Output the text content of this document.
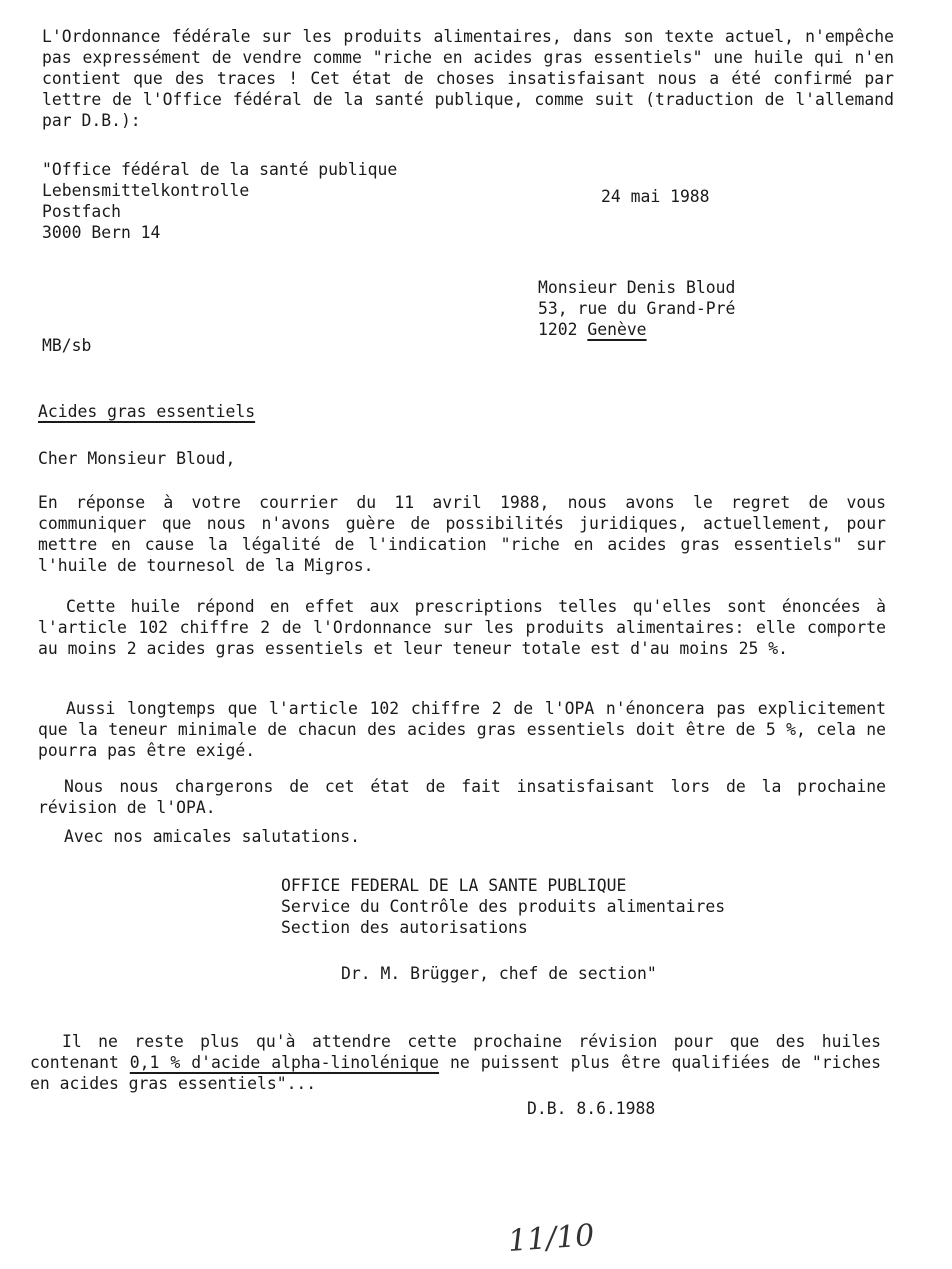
L'Ordonnance fédérale sur les produits alimentaires, dans son texte actuel, n'empêche pas expressément de vendre comme "riche en acides gras essentiels" une huile qui n'en contient que des traces ! Cet état de choses insatisfaisant nous a été confirmé par lettre de l'Office fédéral de la santé publique, comme suit (traduction de l'allemand par D.B.):

"Office fédéral de la santé publique
Lebensmittelkontrolle
Postfach
3000 Bern 14
24 mai 1988
Monsieur Denis Bloud
53, rue du Grand-Pré
1202 Genève
MB/sb
Acides gras essentiels
Cher Monsieur Bloud,

En réponse à votre courrier du 11 avril 1988, nous avons le regret de vous communiquer que nous n'avons guère de possibilités juridiques, actuellement, pour mettre en cause la légalité de l'indication "riche en acides gras essentiels" sur l'huile de tournesol de la Migros.

Cette huile répond en effet aux prescriptions telles qu'elles sont énoncées à l'article 102 chiffre 2 de l'Ordonnance sur les produits alimentaires: elle comporte au moins 2 acides gras essentiels et leur teneur totale est d'au moins 25 %.

Aussi longtemps que l'article 102 chiffre 2 de l'OPA n'énoncera pas explicitement que la teneur minimale de chacun des acides gras essentiels doit être de 5 %, cela ne pourra pas être exigé.

Nous nous chargerons de cet état de fait insatisfaisant lors de la prochaine révision de l'OPA.

Avec nos amicales salutations.
OFFICE FEDERAL DE LA SANTE PUBLIQUE
Service du Contrôle des produits alimentaires
Section des autorisations
Dr. M. Brügger, chef de section"

Il ne reste plus qu'à attendre cette prochaine révision pour que des huiles contenant 0,1 % d'acide alpha-linolénique ne puissent plus être qualifiées de "riches en acides gras essentiels"...

D.B. 8.6.1988
11/10
